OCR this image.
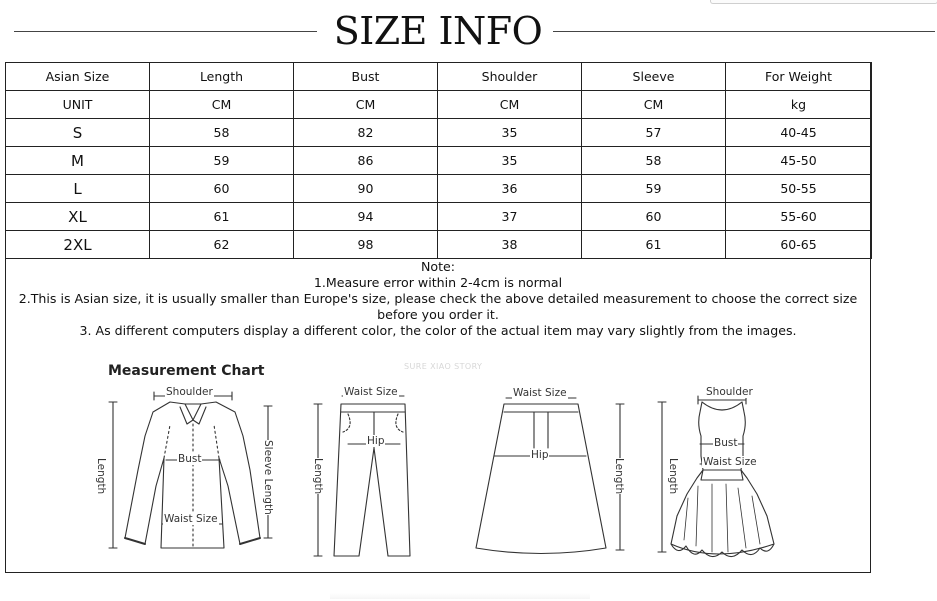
SIZE INFO
Asian Size	Length	Bust	Shoulder	Sleeve	For Weight
UNIT	CM	CM	CM	CM	kg
S	58	82	35	57	40-45
M	59	86	35	58	45-50
L	60	90	36	59	50-55
XL	61	94	37	60	55-60
2XL	62	98	38	61	60-65
Note:
1.Measure error within 2-4cm is normal
2.This is Asian size, it is usually smaller than Europe's size, please check the above detailed measurement to choose the correct size before you order it.
3. As different computers display a different color, the color of the actual item may vary slightly from the images.
SURE XIAO STORY
Measurement Chart
Shoulder
Bust
Waist Size
Length	Sleeve Length
Waist Size
Hip
Length
Waist Size
Hip
Length
Shoulder
Bust
Waist Size
Length
